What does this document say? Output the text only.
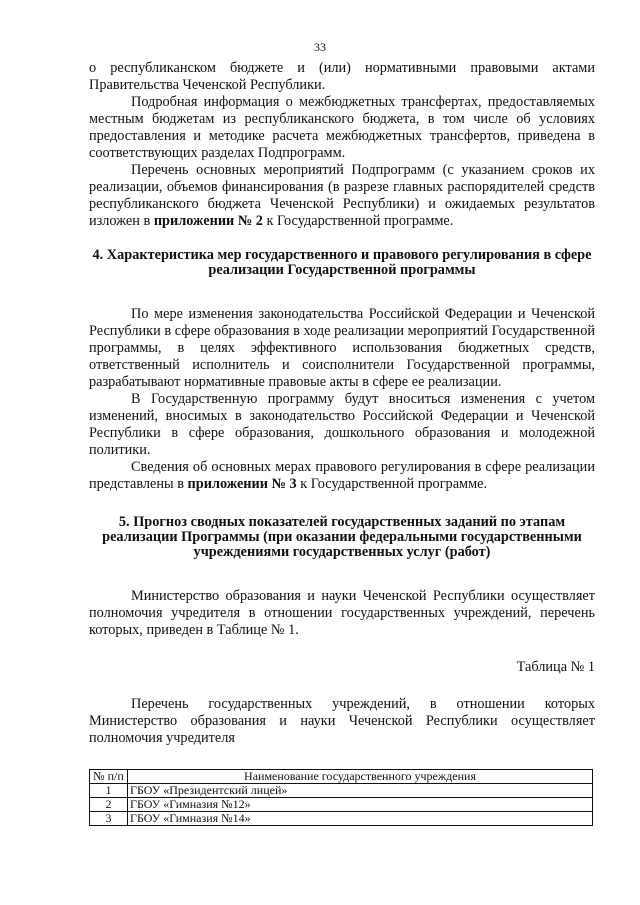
33

о республиканском бюджете и (или) нормативными правовыми актами Правительства Чеченской Республики.

Подробная информация о межбюджетных трансфертах, предоставляемых местным бюджетам из республиканского бюджета, в том числе об условиях предоставления и методике расчета межбюджетных трансфертов, приведена в соответствующих разделах Подпрограмм.

Перечень основных мероприятий Подпрограмм (с указанием сроков их реализации, объемов финансирования (в разрезе главных распорядителей средств республиканского бюджета Чеченской Республики) и ожидаемых результатов изложен в приложении № 2 к Государственной программе.

4. Характеристика мер государственного и правового регулирования в сфере реализации Государственной программы

По мере изменения законодательства Российской Федерации и Чеченской Республики в сфере образования в ходе реализации мероприятий Государственной программы, в целях эффективного использования бюджетных средств, ответственный исполнитель и соисполнители Государственной программы, разрабатывают нормативные правовые акты в сфере ее реализации.

В Государственную программу будут вноситься изменения с учетом изменений, вносимых в законодательство Российской Федерации и Чеченской Республики в сфере образования, дошкольного образования и молодежной политики.

Сведения об основных мерах правового регулирования в сфере реализации представлены в приложении № 3 к Государственной программе.

5. Прогноз сводных показателей государственных заданий по этапам реализации Программы (при оказании федеральными государственными учреждениями государственных услуг (работ)

Министерство образования и науки Чеченской Республики осуществляет полномочия учредителя в отношении государственных учреждений, перечень которых, приведен в Таблице № 1.

Таблица № 1

Перечень государственных учреждений, в отношении которых Министерство образования и науки Чеченской Республики осуществляет полномочия учредителя

№ п/п	Наименование государственного учреждения
1	ГБОУ «Президентский лицей»
2	ГБОУ «Гимназия №12»
3	ГБОУ «Гимназия №14»
